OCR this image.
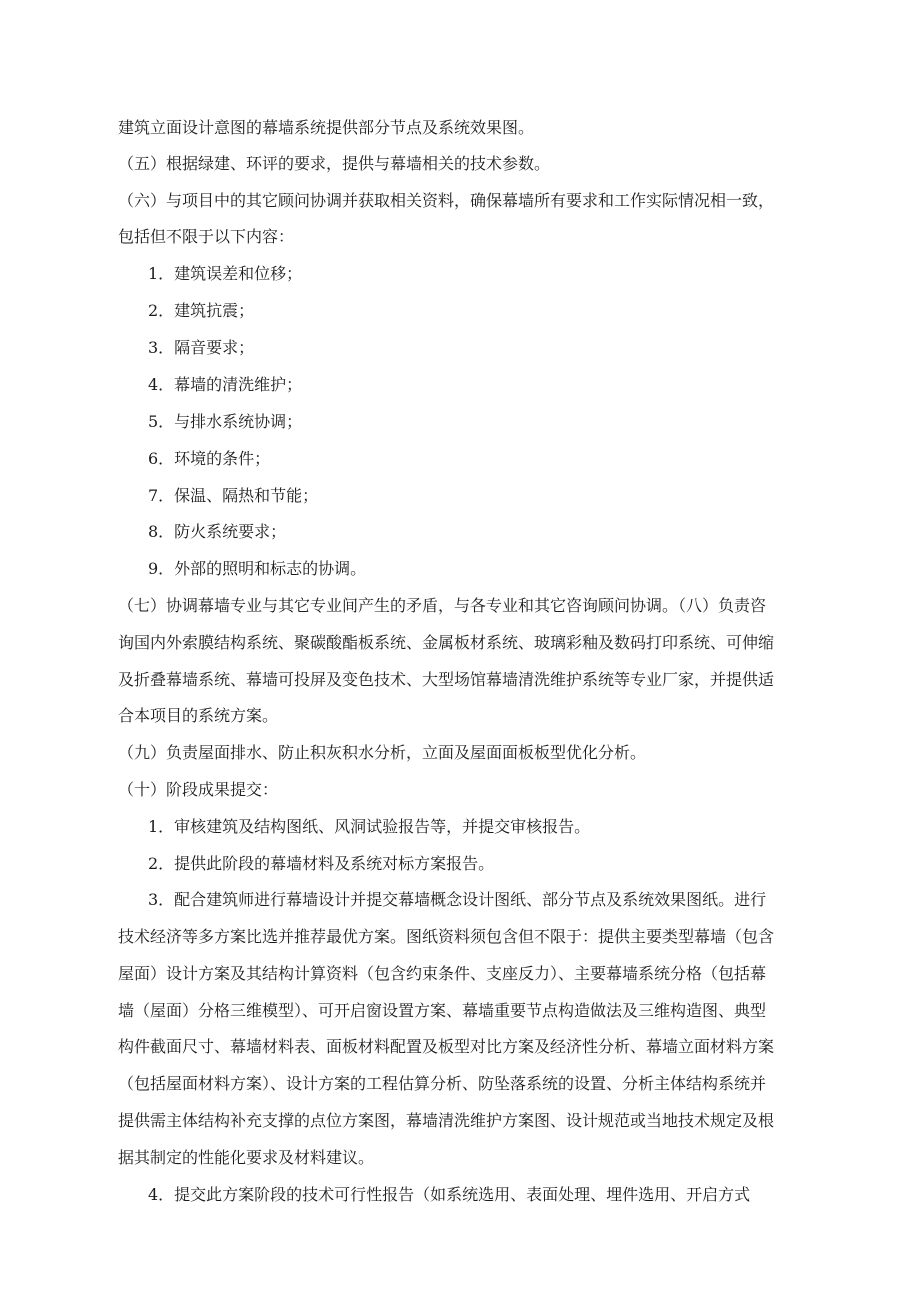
建筑立面设计意图的幕墙系统提供部分节点及系统效果图。
（五）根据绿建、环评的要求，提供与幕墙相关的技术参数。
（六）与项目中的其它顾问协调并获取相关资料，确保幕墙所有要求和工作实际情况相一致，
包括但不限于以下内容：
1．建筑误差和位移；
2．建筑抗震；
3．隔音要求；
4．幕墙的清洗维护；
5．与排水系统协调；
6．环境的条件；
7．保温、隔热和节能；
8．防火系统要求；
9．外部的照明和标志的协调。
（七）协调幕墙专业与其它专业间产生的矛盾，与各专业和其它咨询顾问协调。（八）负责咨
询国内外索膜结构系统、聚碳酸酯板系统、金属板材系统、玻璃彩釉及数码打印系统、可伸缩
及折叠幕墙系统、幕墙可投屏及变色技术、大型场馆幕墙清洗维护系统等专业厂家，并提供适
合本项目的系统方案。
（九）负责屋面排水、防止积灰积水分析，立面及屋面面板板型优化分析。
（十）阶段成果提交：
1．审核建筑及结构图纸、风洞试验报告等，并提交审核报告。
2．提供此阶段的幕墙材料及系统对标方案报告。
3．配合建筑师进行幕墙设计并提交幕墙概念设计图纸、部分节点及系统效果图纸。进行
技术经济等多方案比选并推荐最优方案。图纸资料须包含但不限于：提供主要类型幕墙（包含
屋面）设计方案及其结构计算资料（包含约束条件、支座反力）、主要幕墙系统分格（包括幕
墙（屋面）分格三维模型）、可开启窗设置方案、幕墙重要节点构造做法及三维构造图、典型
构件截面尺寸、幕墙材料表、面板材料配置及板型对比方案及经济性分析、幕墙立面材料方案
（包括屋面材料方案）、设计方案的工程估算分析、防坠落系统的设置、分析主体结构系统并
提供需主体结构补充支撑的点位方案图，幕墙清洗维护方案图、设计规范或当地技术规定及根
据其制定的性能化要求及材料建议。
4．提交此方案阶段的技术可行性报告（如系统选用、表面处理、埋件选用、开启方式
